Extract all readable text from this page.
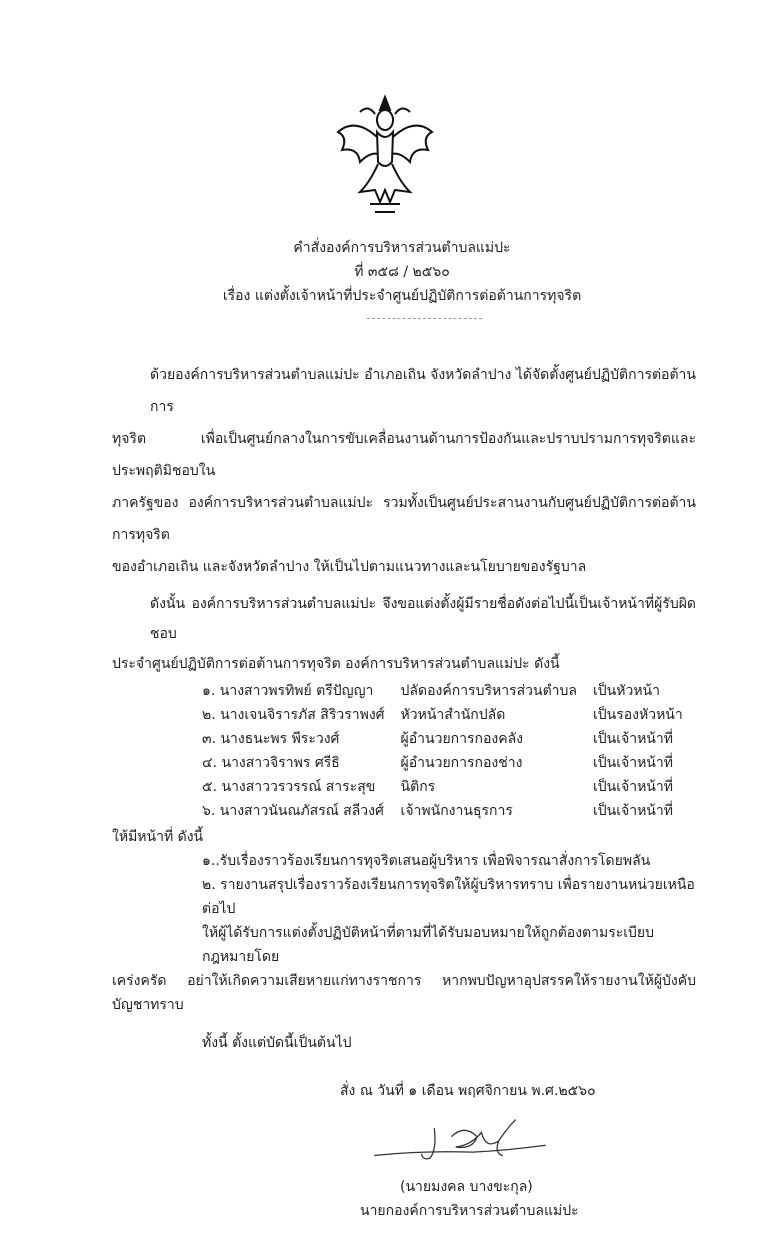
คำสั่งองค์การบริหารส่วนตำบลแม่ปะ
ที่ ๓๕๘ / ๒๕๖๐
เรื่อง แต่งตั้งเจ้าหน้าที่ประจำศูนย์ปฏิบัติการต่อต้านการทุจริต
ด้วยองค์การบริหารส่วนตำบลแม่ปะ อำเภอเถิน จังหวัดลำปาง ได้จัดตั้งศูนย์ปฏิบัติการต่อต้านการ
ทุจริต เพื่อเป็นศูนย์กลางในการขับเคลื่อนงานด้านการป้องกันและปราบปรามการทุจริตและประพฤติมิชอบใน
ภาครัฐของ องค์การบริหารส่วนตำบลแม่ปะ รวมทั้งเป็นศูนย์ประสานงานกับศูนย์ปฏิบัติการต่อต้านการทุจริต
ของอำเภอเถิน และจังหวัดลำปาง ให้เป็นไปตามแนวทางและนโยบายของรัฐบาล
ดังนั้น องค์การบริหารส่วนตำบลแม่ปะ จึงขอแต่งตั้งผู้มีรายชื่อดังต่อไปนี้เป็นเจ้าหน้าที่ผู้รับผิดชอบ
ประจำศูนย์ปฏิบัติการต่อต้านการทุจริต องค์การบริหารส่วนตำบลแม่ปะ ดังนี้
๑. นางสาวพรทิพย์ ตรีปัญญา	ปลัดองค์การบริหารส่วนตำบล เป็นหัวหน้า
๒. นางเจนจิรารภัส สิริวราพงศ์ หัวหน้าสำนักปลัด	เป็นรองหัวหน้า
๓. นางธนะพร พีระวงศ์	ผู้อำนวยการกองคลัง	เป็นเจ้าหน้าที่
๔. นางสาวจิราพร ศรีธิ	ผู้อำนวยการกองช่าง	เป็นเจ้าหน้าที่
๕. นางสาววรวรรณ์ สาระสุข	นิติกร	เป็นเจ้าหน้าที่
๖. นางสาวนันณภัสรณ์ สลีวงศ์ เจ้าพนักงานธุรการ	เป็นเจ้าหน้าที่
ให้มีหน้าที่ ดังนี้
๑..รับเรื่องราวร้องเรียนการทุจริตเสนอผู้บริหาร เพื่อพิจารณาสั่งการโดยพลัน
๒. รายงานสรุปเรื่องราวร้องเรียนการทุจริตให้ผู้บริหารทราบ เพื่อรายงานหน่วยเหนือต่อไป
ให้ผู้ได้รับการแต่งตั้งปฏิบัติหน้าที่ตามที่ได้รับมอบหมายให้ถูกต้องตามระเบียบ กฎหมายโดย
เคร่งครัด อย่าให้เกิดความเสียหายแก่ทางราชการ หากพบปัญหาอุปสรรคให้รายงานให้ผู้บังคับบัญชาทราบ
ทั้งนี้ ตั้งแต่บัดนี้เป็นต้นไป
สั่ง ณ วันที่ ๑ เดือน พฤศจิกายน พ.ศ.๒๕๖๐
(นายมงคล บางขะกุล)
นายกองค์การบริหารส่วนตำบลแม่ปะ
